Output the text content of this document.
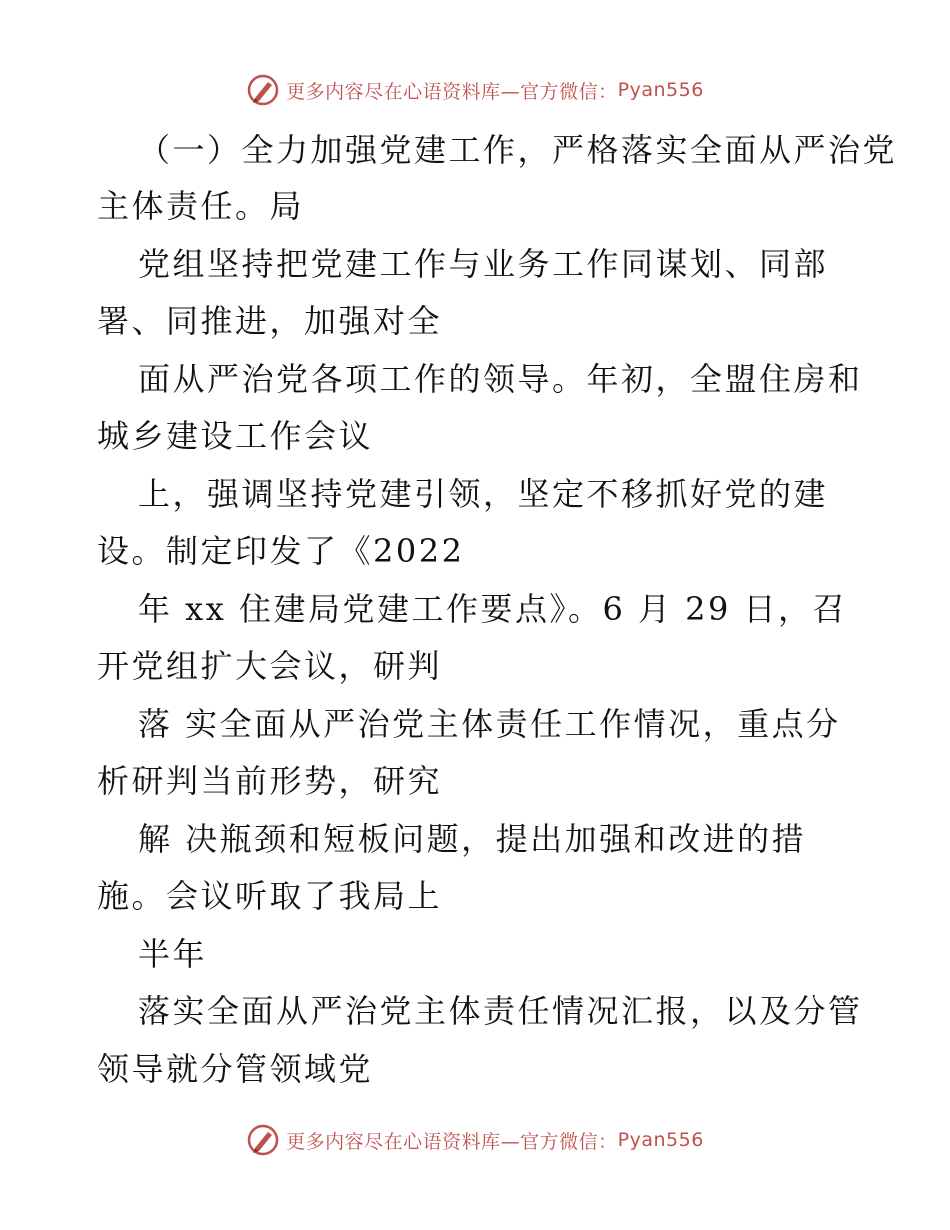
更多内容尽在心语资料库—官方微信： Pyan556
（一）全力加强党建工作，严格落实全面从严治党
主体责任。局
党组坚持把党建工作与业务工作同谋划、同部
署、同推进，加强对全
面从严治党各项工作的领导。年初，全盟住房和
城乡建设工作会议
上，强调坚持党建引领，坚定不移抓好党的建
设。制定印发了《2022
年 xx 住建局党建工作要点》。6 月 29 日，召
开党组扩大会议，研判
落 实全面从严治党主体责任工作情况，重点分
析研判当前形势，研究
解 决瓶颈和短板问题，提出加强和改进的措
施。会议听取了我局上
半年
落实全面从严治党主体责任情况汇报，以及分管
领导就分管领域党
更多内容尽在心语资料库—官方微信： Pyan556
